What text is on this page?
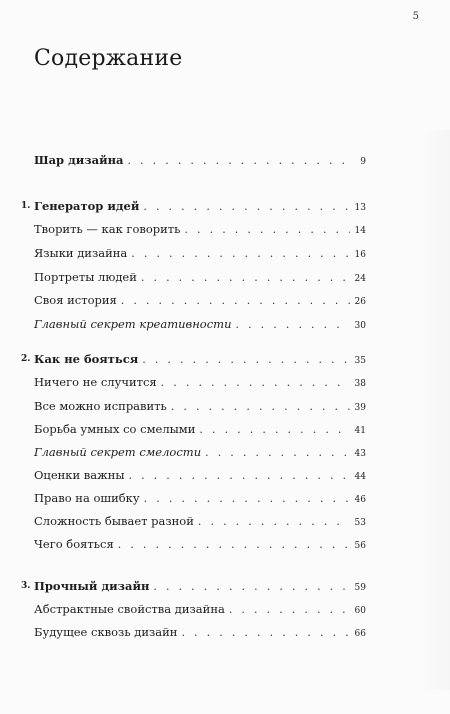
5
Содержание
Шар дизайна . . .	9
1. Генератор идей . . .	13
Творить — как говорить . . .	14
Языки дизайна . . .	16
Портреты людей . . .	24
Своя история . . .	26
Главный секрет креативности . . .	30
2. Как не бояться . . .	35
Ничего не случится . . .	38
Все можно исправить . . .	39
Борьба умных со смелыми . . .	41
Главный секрет смелости . . .	43
Оценки важны . . .	44
Право на ошибку . . .	46
Сложность бывает разной . . .	53
Чего бояться . . .	56
3. Прочный дизайн . . .	59
Абстрактные свойства дизайна . . .	60
Будущее сквозь дизайн . . .	66
